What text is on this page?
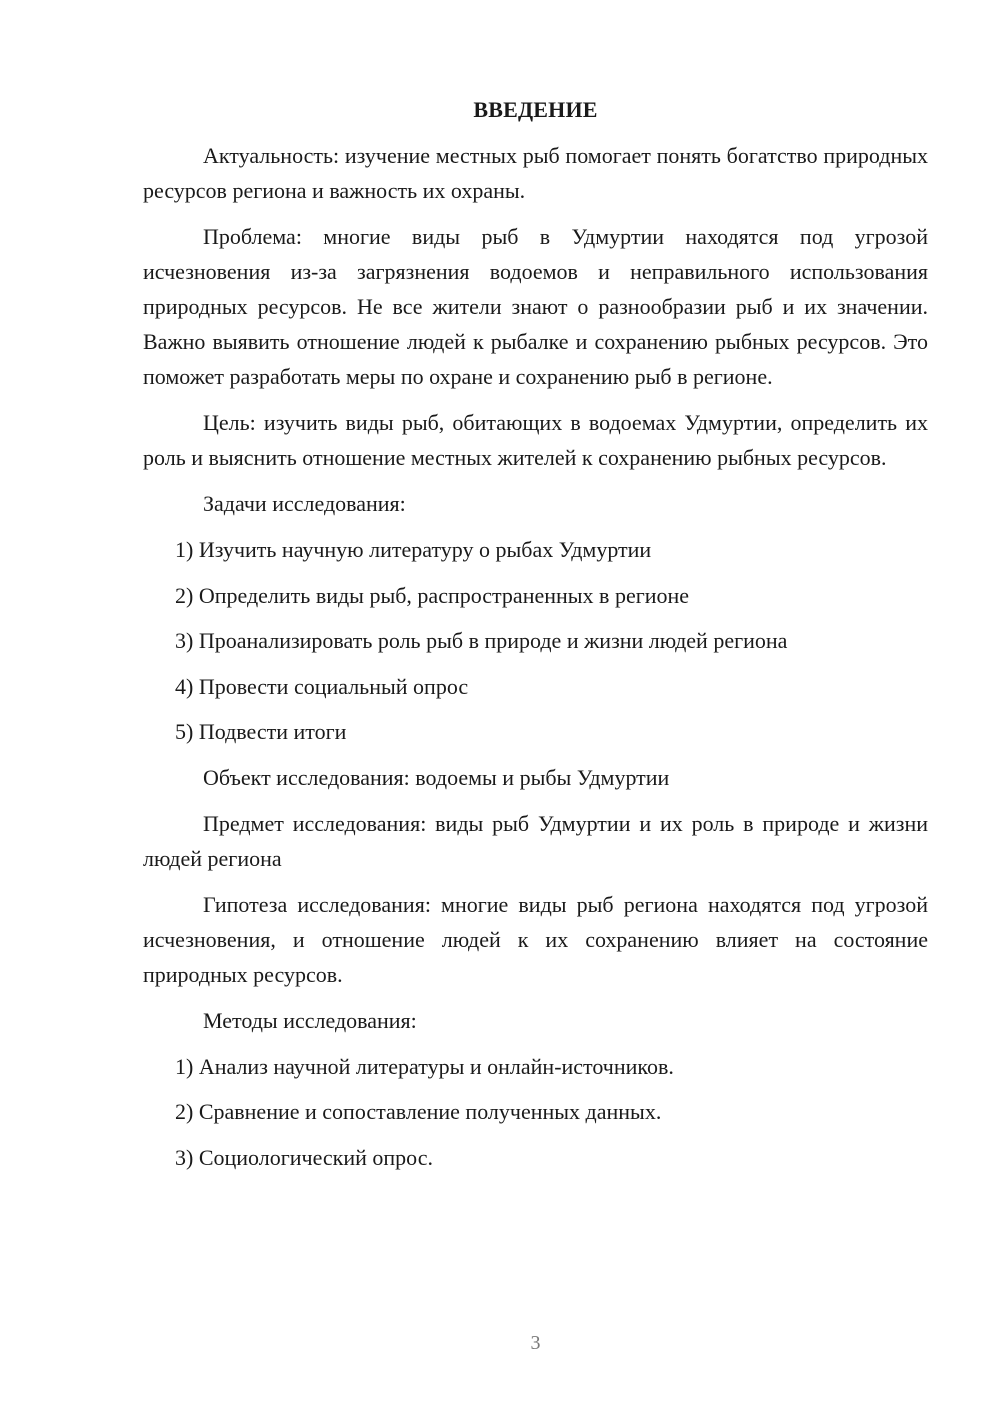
ВВЕДЕНИЕ

Актуальность: изучение местных рыб помогает понять богатство природных ресурсов региона и важность их охраны.

Проблема: многие виды рыб в Удмуртии находятся под угрозой исчезновения из-за загрязнения водоемов и неправильного использования природных ресурсов. Не все жители знают о разнообразии рыб и их значении. Важно выявить отношение людей к рыбалке и сохранению рыбных ресурсов. Это поможет разработать меры по охране и сохранению рыб в регионе.

Цель: изучить виды рыб, обитающих в водоемах Удмуртии, определить их роль и выяснить отношение местных жителей к сохранению рыбных ресурсов.

Задачи исследования:

1) Изучить научную литературу о рыбах Удмуртии
2) Определить виды рыб, распространенных в регионе
3) Проанализировать роль рыб в природе и жизни людей региона
4) Провести социальный опрос
5) Подвести итоги

Объект исследования: водоемы и рыбы Удмуртии

Предмет исследования: виды рыб Удмуртии и их роль в природе и жизни людей региона

Гипотеза исследования: многие виды рыб региона находятся под угрозой исчезновения, и отношение людей к их сохранению влияет на состояние природных ресурсов.

Методы исследования:

1) Анализ научной литературы и онлайн-источников.
2) Сравнение и сопоставление полученных данных.
3) Социологический опрос.
3
